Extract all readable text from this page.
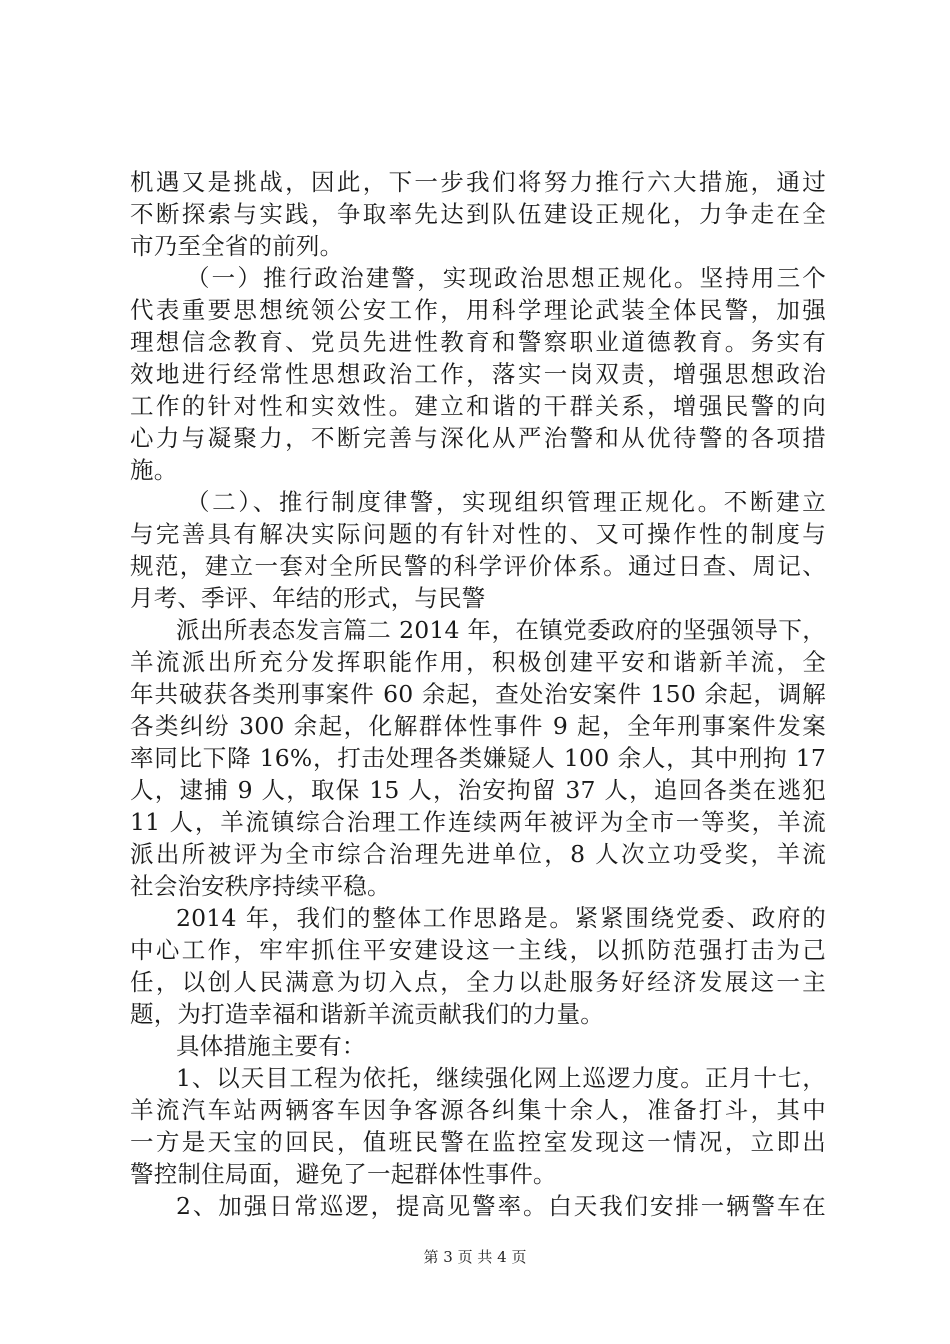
机遇又是挑战，因此，下一步我们将努力推行六大措施，通过
不断探索与实践，争取率先达到队伍建设正规化，力争走在全
市乃至全省的前列。
（一）推行政治建警，实现政治思想正规化。坚持用三个
代表重要思想统领公安工作，用科学理论武装全体民警，加强
理想信念教育、党员先进性教育和警察职业道德教育。务实有
效地进行经常性思想政治工作，落实一岗双责，增强思想政治
工作的针对性和实效性。建立和谐的干群关系，增强民警的向
心力与凝聚力，不断完善与深化从严治警和从优待警的各项措
施。
（二）、推行制度律警，实现组织管理正规化。不断建立
与完善具有解决实际问题的有针对性的、又可操作性的制度与
规范，建立一套对全所民警的科学评价体系。通过日查、周记、
月考、季评、年结的形式，与民警
派出所表态发言篇二 2014 年，在镇党委政府的坚强领导下，
羊流派出所充分发挥职能作用，积极创建平安和谐新羊流，全
年共破获各类刑事案件 60 余起，查处治安案件 150 余起，调解
各类纠纷 300 余起，化解群体性事件 9 起，全年刑事案件发案
率同比下降 16%，打击处理各类嫌疑人 100 余人，其中刑拘 17
人，逮捕 9 人，取保 15 人，治安拘留 37 人，追回各类在逃犯
11 人，羊流镇综合治理工作连续两年被评为全市一等奖，羊流
派出所被评为全市综合治理先进单位，8 人次立功受奖，羊流
社会治安秩序持续平稳。
2014 年，我们的整体工作思路是。紧紧围绕党委、政府的
中心工作，牢牢抓住平安建设这一主线，以抓防范强打击为己
任，以创人民满意为切入点，全力以赴服务好经济发展这一主
题，为打造幸福和谐新羊流贡献我们的力量。
具体措施主要有：
1、以天目工程为依托，继续强化网上巡逻力度。正月十七，
羊流汽车站两辆客车因争客源各纠集十余人，准备打斗，其中
一方是天宝的回民，值班民警在监控室发现这一情况，立即出
警控制住局面，避免了一起群体性事件。
2、加强日常巡逻，提高见警率。白天我们安排一辆警车在
第 3 页 共 4 页
